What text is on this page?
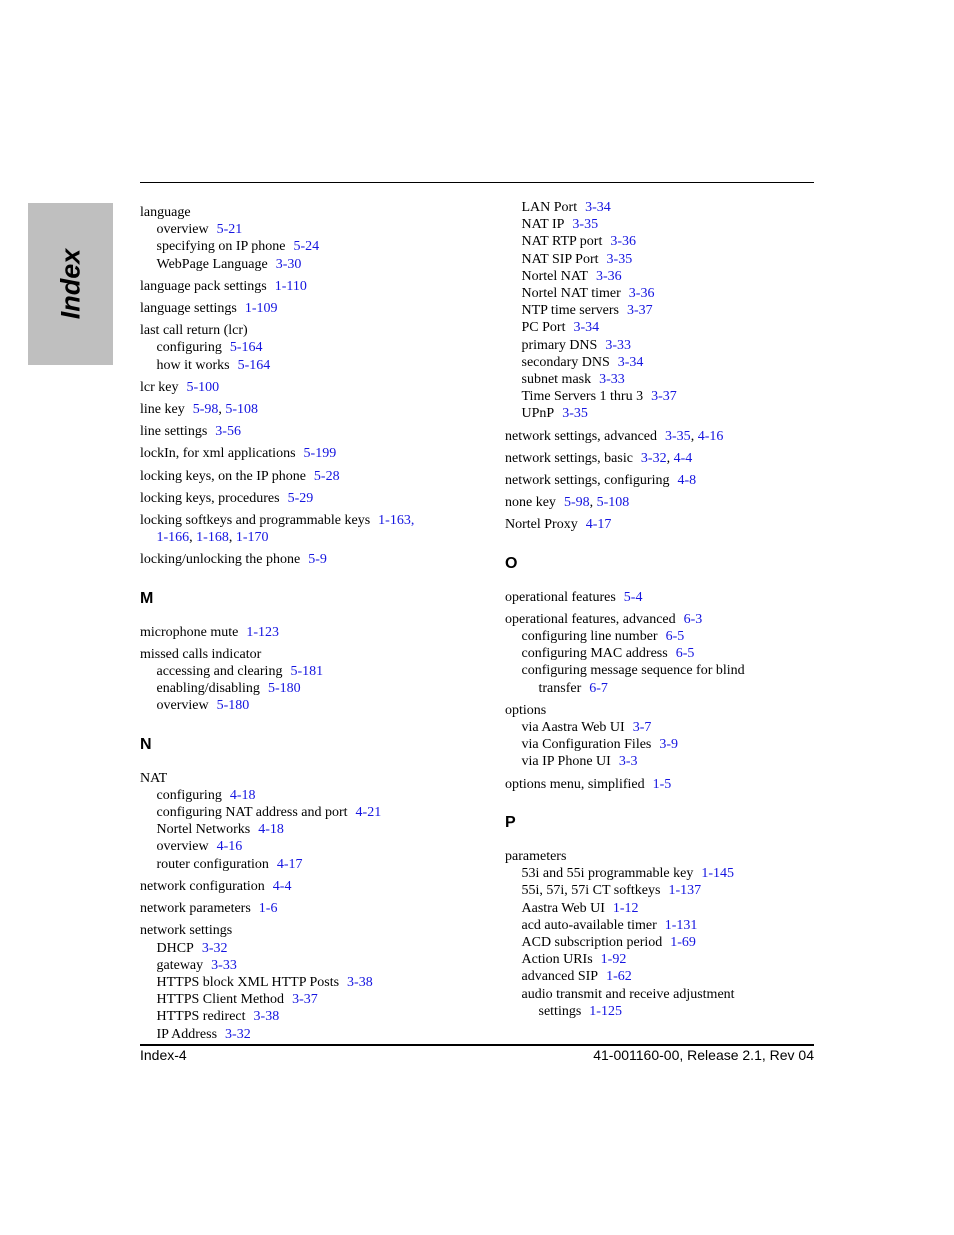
Index
language
overview 5-21
specifying on IP phone 5-24
WebPage Language 3-30
language pack settings 1-110
language settings 1-109
last call return (lcr)
configuring 5-164
how it works 5-164
lcr key 5-100
line key 5-98, 5-108
line settings 3-56
lockIn, for xml applications 5-199
locking keys, on the IP phone 5-28
locking keys, procedures 5-29
locking softkeys and programmable keys 1-163,
1-166, 1-168, 1-170
locking/unlocking the phone 5-9
M
microphone mute 1-123
missed calls indicator
accessing and clearing 5-181
enabling/disabling 5-180
overview 5-180
N
NAT
configuring 4-18
configuring NAT address and port 4-21
Nortel Networks 4-18
overview 4-16
router configuration 4-17
network configuration 4-4
network parameters 1-6
network settings
DHCP 3-32
gateway 3-33
HTTPS block XML HTTP Posts 3-38
HTTPS Client Method 3-37
HTTPS redirect 3-38
IP Address 3-32
LAN Port 3-34
NAT IP 3-35
NAT RTP port 3-36
NAT SIP Port 3-35
Nortel NAT 3-36
Nortel NAT timer 3-36
NTP time servers 3-37
PC Port 3-34
primary DNS 3-33
secondary DNS 3-34
subnet mask 3-33
Time Servers 1 thru 3 3-37
UPnP 3-35
network settings, advanced 3-35, 4-16
network settings, basic 3-32, 4-4
network settings, configuring 4-8
none key 5-98, 5-108
Nortel Proxy 4-17
O
operational features 5-4
operational features, advanced 6-3
configuring line number 6-5
configuring MAC address 6-5
configuring message sequence for blind
transfer 6-7
options
via Aastra Web UI 3-7
via Configuration Files 3-9
via IP Phone UI 3-3
options menu, simplified 1-5
P
parameters
53i and 55i programmable key 1-145
55i, 57i, 57i CT softkeys 1-137
Aastra Web UI 1-12
acd auto-available timer 1-131
ACD subscription period 1-69
Action URIs 1-92
advanced SIP 1-62
audio transmit and receive adjustment
settings 1-125
Index-4	41-001160-00, Release 2.1, Rev 04
